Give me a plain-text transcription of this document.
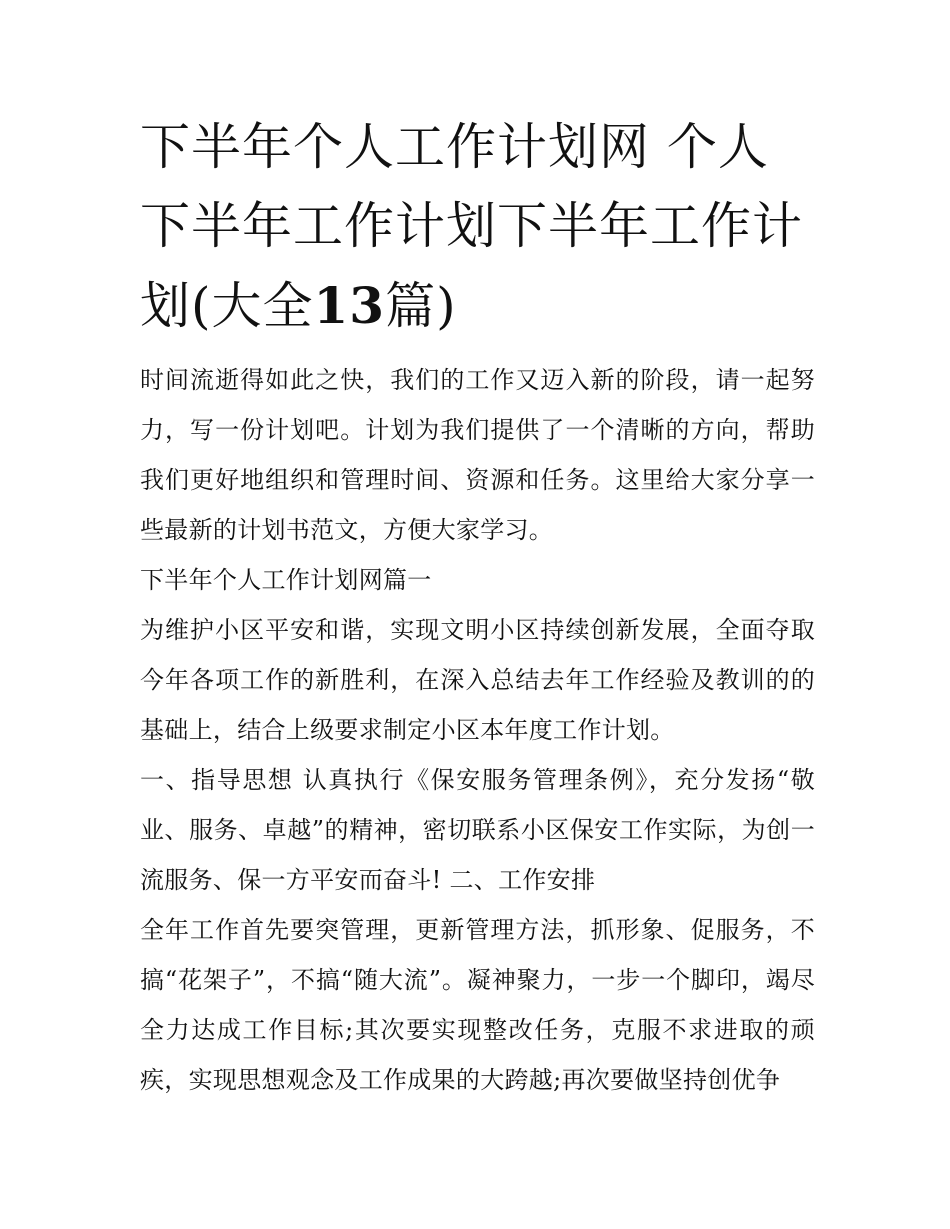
下半年个人工作计划网 个人下半年工作计划下半年工作计划(大全13篇)

时间流逝得如此之快，我们的工作又迈入新的阶段，请一起努力，写一份计划吧。计划为我们提供了一个清晰的方向，帮助我们更好地组织和管理时间、资源和任务。这里给大家分享一些最新的计划书范文，方便大家学习。

下半年个人工作计划网篇一

为维护小区平安和谐，实现文明小区持续创新发展，全面夺取今年各项工作的新胜利，在深入总结去年工作经验及教训的的基础上，结合上级要求制定小区本年度工作计划。

一、指导思想 认真执行《保安服务管理条例》，充分发扬“敬业、服务、卓越”的精神，密切联系小区保安工作实际，为创一流服务、保一方平安而奋斗! 二、工作安排

全年工作首先要突管理，更新管理方法，抓形象、促服务，不搞“花架子”，不搞“随大流”。凝神聚力，一步一个脚印，竭尽全力达成工作目标;其次要实现整改任务，克服不求进取的顽疾，实现思想观念及工作成果的大跨越;再次要做坚持创优争
